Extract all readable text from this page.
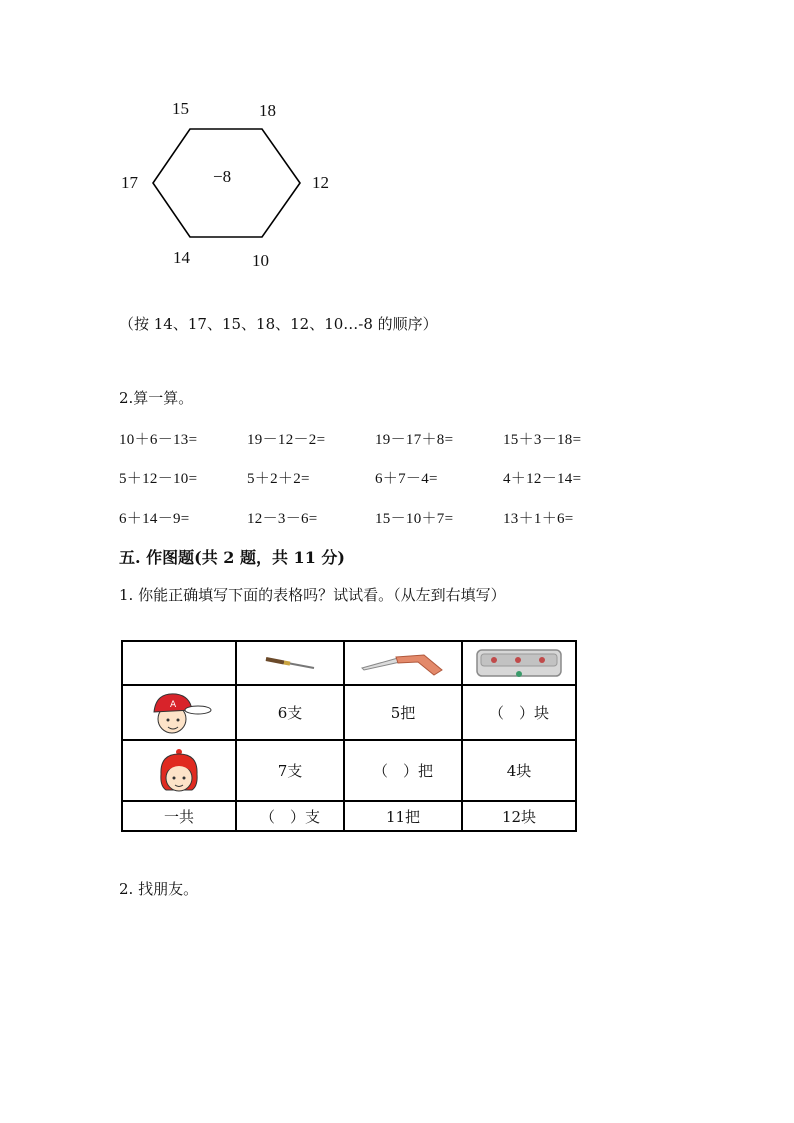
15	18
17	12
14	10
−8
（按 14、17、15、18、12、10…-8 的顺序）
2.算一算。
10＋6－13=	19－12－2=	19－17＋8=	15＋3－18=
5＋12－10=	5＋2＋2=	6＋7－4=	4＋12－14=
6＋14－9=	12－3－6=	15－10＋7=	13＋1＋6=
五. 作图题(共 2 题，共 11 分)
1. 你能正确填写下面的表格吗？试试看。（从左到右填写）

A	6支	5把	（　）块

	7支	（　）把	4块
一共	（　）支	11把	12块
2. 找朋友。
